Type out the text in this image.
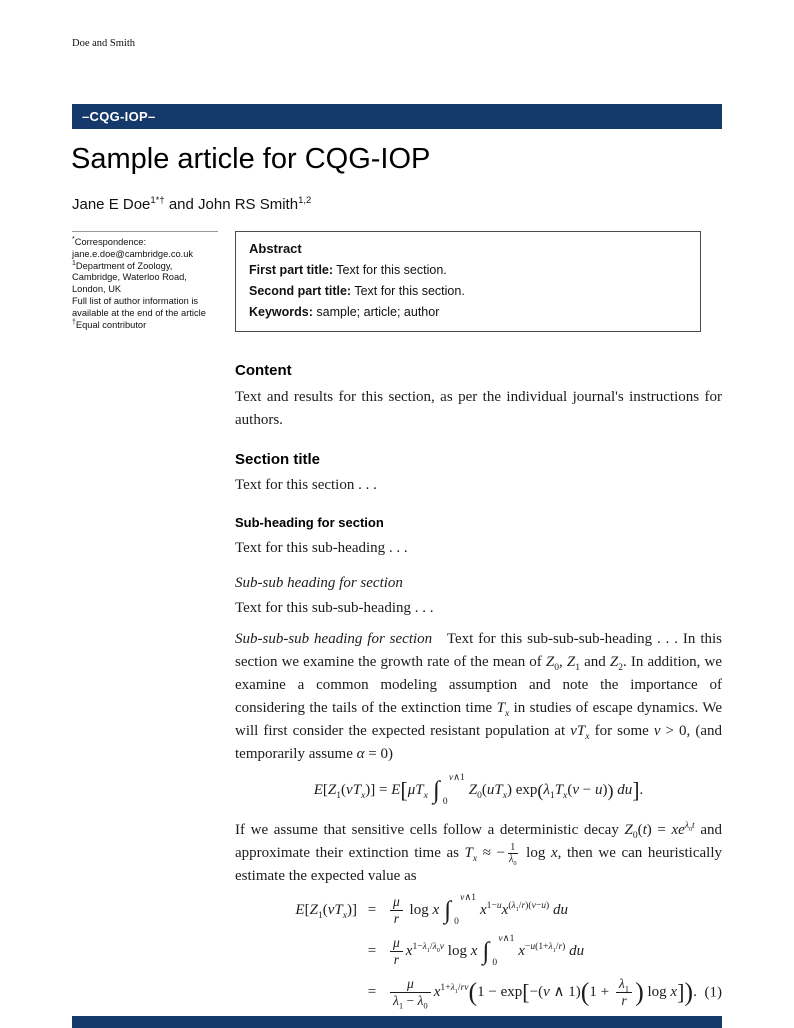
Doe and Smith
–CQG-IOP–
Sample article for CQG-IOP
Jane E Doe$^{1*\dagger}$ and John RS Smith$^{1,2}$
*Correspondence:
jane.e.doe@cambridge.co.uk
$^1$Department of Zoology,
Cambridge, Waterloo Road,
London, UK
Full list of author information is
available at the end of the article
†Equal contributor
Abstract

First part title: Text for this section.

Second part title: Text for this section.

Keywords: sample; article; author

Content

Text and results for this section, as per the individual journal's instructions for authors.

Section title

Text for this section . . .

Sub-heading for section

Text for this sub-heading . . .

Sub-sub heading for section

Text for this sub-sub-heading . . .

Sub-sub-sub heading for section   Text for this sub-sub-sub-heading . . . In this section we examine the growth rate of the mean of $Z_0$, $Z_1$ and $Z_2$. In addition, we examine a common modeling assumption and note the importance of considering the tails of the extinction time $T_x$ in studies of escape dynamics. We will first consider the expected resistant population at $vT_x$ for some v > 0, (and temporarily assume α = 0)

$E[Z_1(vT_x)] = E[\mu T_x$ ∫ v∧1
0
$Z_0(uT_x) \exp(\lambda_1T_x(v - u))$ du].

If we assume that sensitive cells follow a deterministic decay $Z_0(t) = xe^{\lambda_0t}$ and approximate their extinction time as $T_x$ ≈ − $\frac{1}{\lambda_0}$ log x, then we can heuristically estimate the expected value as

$E[Z_1(vT_x)]$ =	$\frac{\mu}{r}$ log x ∫ v∧1
0
$x^{1-u}x^{(\lambda_1/r)(v-u)}$ du
=	$\frac{\mu}{r} x^{1-\lambda_1/\lambda_0v}$ log x ∫ v∧1
0
$x^{-u(1+\lambda_1/r)}$ du
=	$\frac{\mu}{\lambda_1 - \lambda_0} x^{1+\lambda_1/rv}(1 - \exp[-(v$ ∧ $1)(1 + \frac{\lambda_1}{r}$ ) log x]). (1)
